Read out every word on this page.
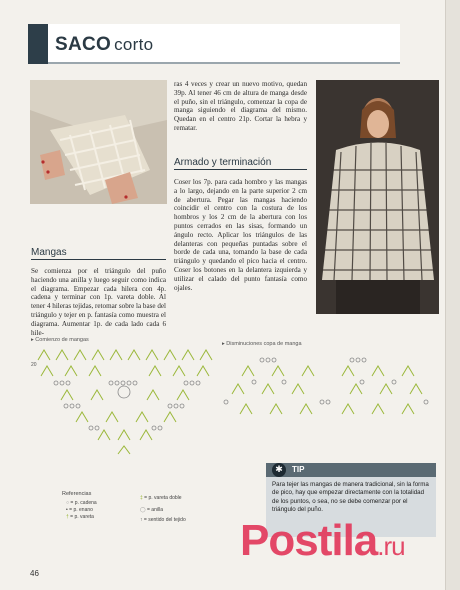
SACO corto
Mangas
Se comienza por el triángulo del puño haciendo una anilla y luego seguir como indica el diagrama. Empezar cada hilera con 4p. cadena y terminar con 1p. vareta doble. Al tener 4 hileras tejidas, retomar sobre la base del triángulo y tejer en p. fantasía como muestra el diagrama. Aumentar 1p. de cada lado cada 6 hile-
ras 4 veces y crear un nuevo motivo, quedan 39p. Al tener 46 cm de altura de manga desde el puño, sin el triángulo, comenzar la copa de manga siguiendo el diagrama del mismo. Quedan en el centro 21p. Cortar la hebra y rematar.
Armado y terminación
Coser los 7p. para cada hombro y las mangas a lo largo, dejando en la parte superior 2 cm de abertura. Pegar las mangas haciendo coincidir el centro con la costura de los hombros y los 2 cm de la abertura con los puntos cerrados en las sisas, formando un ángulo recto. Aplicar los triángulos de las delanteras con pequeñas puntadas sobre el borde de cada una, tomando la base de cada triángulo y quedando el pico hacia el centro. Coser los botones en la delantera izquierda y utilizar el calado del punto fantasía como ojales.
▸ Comienzo de mangas
▸ Disminuciones copa de manga
20
Referencias
○ = p. cadena
• = p. enano
† = p. vareta
‡ = p. vareta doble
◯ = anilla
↑ = sentido del tejido
✱	TIP
Para tejer las mangas de manera tradicional, sin la forma de pico, hay que empezar directamente con la totalidad de los puntos, o sea, no se debe comenzar por el triángulo del puño.
Postila.ru
46
